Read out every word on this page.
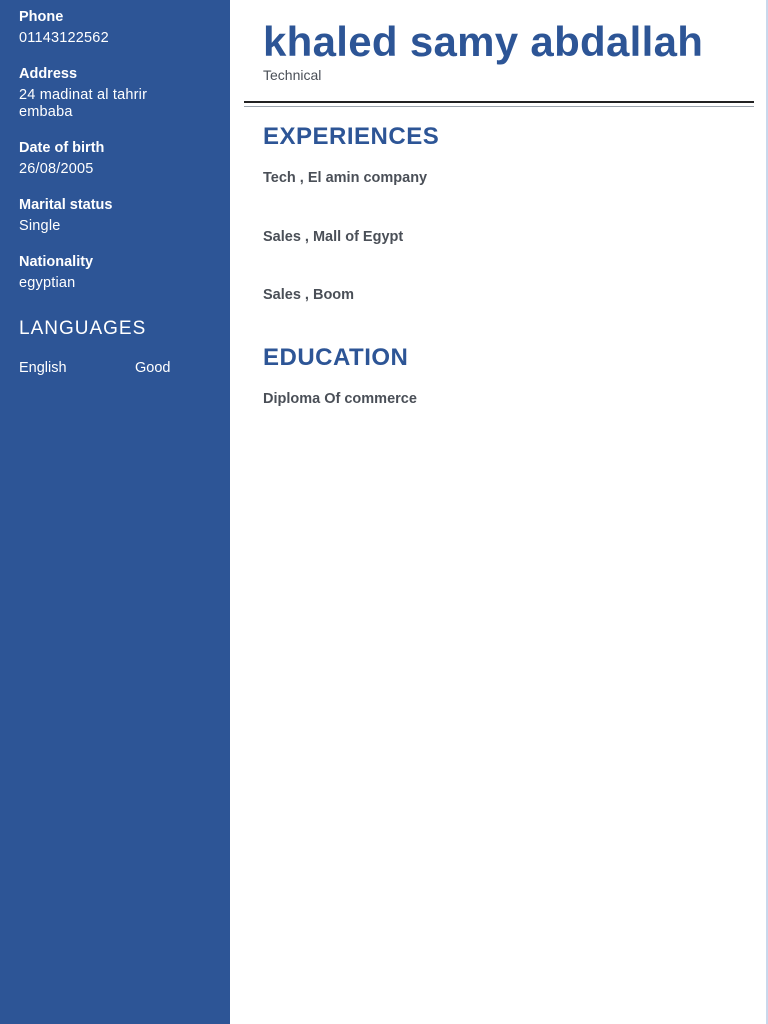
Phone
01143122562
Address
24 madinat al tahrir
embaba
Date of birth
26/08/2005
Marital status
Single
Nationality
egyptian
LANGUAGES
English	Good
khaled samy abdallah
Technical
EXPERIENCES
Tech , El amin company
Sales , Mall of Egypt
Sales , Boom
EDUCATION
Diploma Of commerce
